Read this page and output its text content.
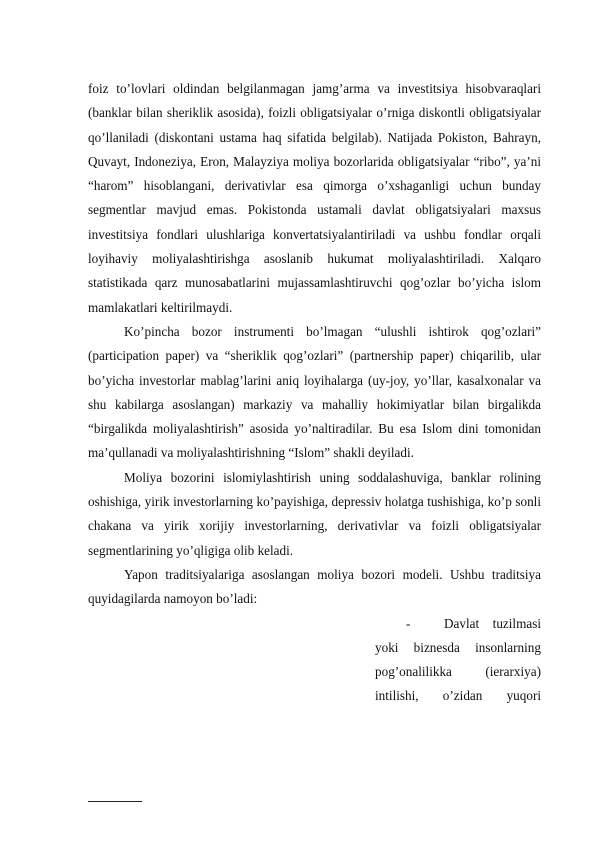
foiz to’lovlari oldindan belgilanmagan jamg’arma va investitsiya hisobvaraqlari (banklar bilan sheriklik asosida), foizli obligatsiyalar o’rniga diskontli obligatsiyalar qo’llaniladi (diskontani ustama haq sifatida belgilab). Natijada Pokiston, Bahrayn, Quvayt, Indoneziya, Eron, Malayziya moliya bozorlarida obligatsiyalar “ribo”, ya’ni “harom” hisoblangani, derivativlar esa qimorga o’xshaganligi uchun bunday segmentlar mavjud emas. Pokistonda ustamali davlat obligatsiyalari maxsus investitsiya fondlari ulushlariga konvertatsiyalantiriladi va ushbu fondlar orqali loyihaviy moliyalashtirishga asoslanib hukumat moliyalashtiriladi. Xalqaro statistikada qarz munosabatlarini mujassamlashtiruvchi qog’ozlar bo’yicha islom mamlakatlari keltirilmaydi.

Ko’pincha bozor instrumenti bo’lmagan “ulushli ishtirok qog’ozlari” (participation paper) va “sheriklik qog’ozlari” (partnership paper) chiqarilib, ular bo’yicha investorlar mablag’larini aniq loyihalarga (uy-joy, yo’llar, kasalxonalar va shu kabilarga asoslangan) markaziy va mahalliy hokimiyatlar bilan birgalikda “birgalikda moliyalashtirish” asosida yo’naltiradilar. Bu esa Islom dini tomonidan ma’qullanadi va moliyalashtirishning “Islom” shakli deyiladi.

Moliya bozorini islomiylashtirish uning soddalashuviga, banklar rolining oshishiga, yirik investorlarning ko’payishiga, depressiv holatga tushishiga, ko’p sonli chakana va yirik xorijiy investorlarning, derivativlar va foizli obligatsiyalar segmentlarining yo’qligiga olib keladi.

Yapon traditsiyalariga asoslangan moliya bozori modeli. Ushbu traditsiya quyidagilarda namoyon bo’ladi:

-	Davlat tuzilmasi

yoki biznesda insonlarning

pog’onalilikka (ierarxiya)

intilishi, o’zidan yuqori
